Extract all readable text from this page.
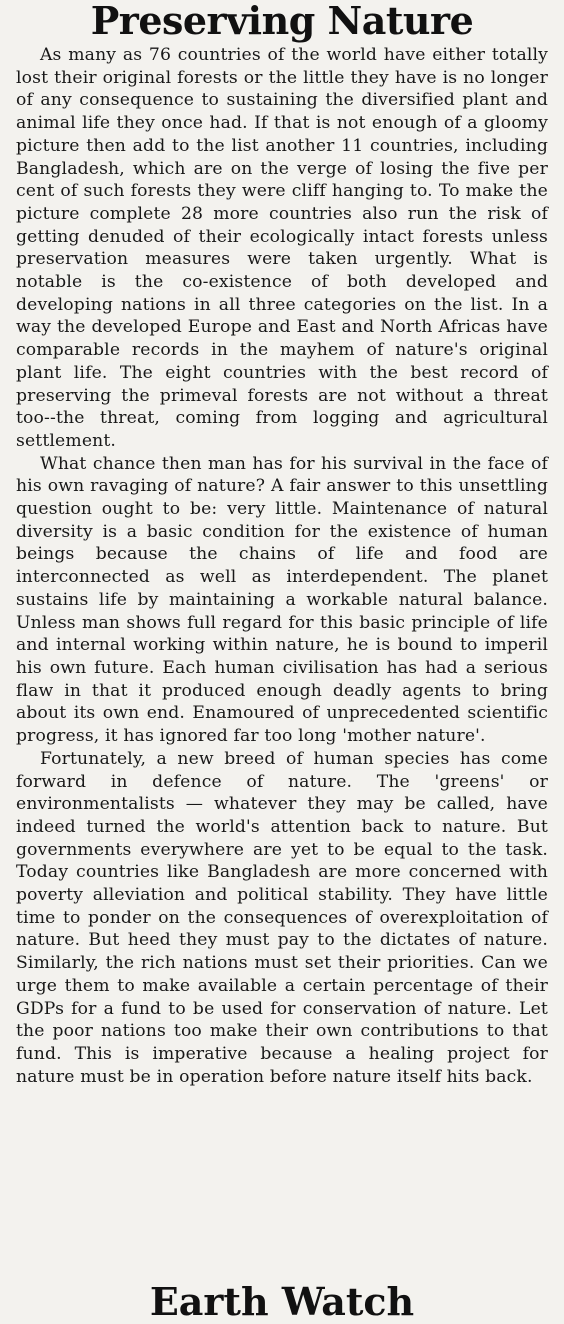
Preserving Nature

As many as 76 countries of the world have either totally lost their original forests or the little they have is no longer of any consequence to sustaining the diversified plant and animal life they once had. If that is not enough of a gloomy picture then add to the list another 11 countries, including Bangladesh, which are on the verge of losing the five per cent of such forests they were cliff hanging to. To make the picture complete 28 more countries also run the risk of getting denuded of their ecologically intact forests unless preservation measures were taken urgently. What is notable is the co-existence of both developed and developing nations in all three categories on the list. In a way the developed Europe and East and North Africas have comparable records in the mayhem of nature's original plant life. The eight countries with the best record of preserving the primeval forests are not without a threat too--the threat, coming from logging and agricultural settlement.

What chance then man has for his survival in the face of his own ravaging of nature? A fair answer to this unsettling question ought to be: very little. Maintenance of natural diversity is a basic condition for the existence of human beings because the chains of life and food are interconnected as well as interdependent. The planet sustains life by maintaining a workable natural balance. Unless man shows full regard for this basic principle of life and internal working within nature, he is bound to imperil his own future. Each human civilisation has had a serious flaw in that it produced enough deadly agents to bring about its own end. Enamoured of unprecedented scientific progress, it has ignored far too long 'mother nature'.

Fortunately, a new breed of human species has come forward in defence of nature. The 'greens' or environmentalists — whatever they may be called, have indeed turned the world's attention back to nature. But governments everywhere are yet to be equal to the task. Today countries like Bangladesh are more concerned with poverty alleviation and political stability. They have little time to ponder on the consequences of overexploitation of nature. But heed they must pay to the dictates of nature. Similarly, the rich nations must set their priorities. Can we urge them to make available a certain percentage of their GDPs for a fund to be used for conservation of nature. Let the poor nations too make their own contributions to that fund. This is imperative because a healing project for nature must be in operation before nature itself hits back.

Earth Watch
